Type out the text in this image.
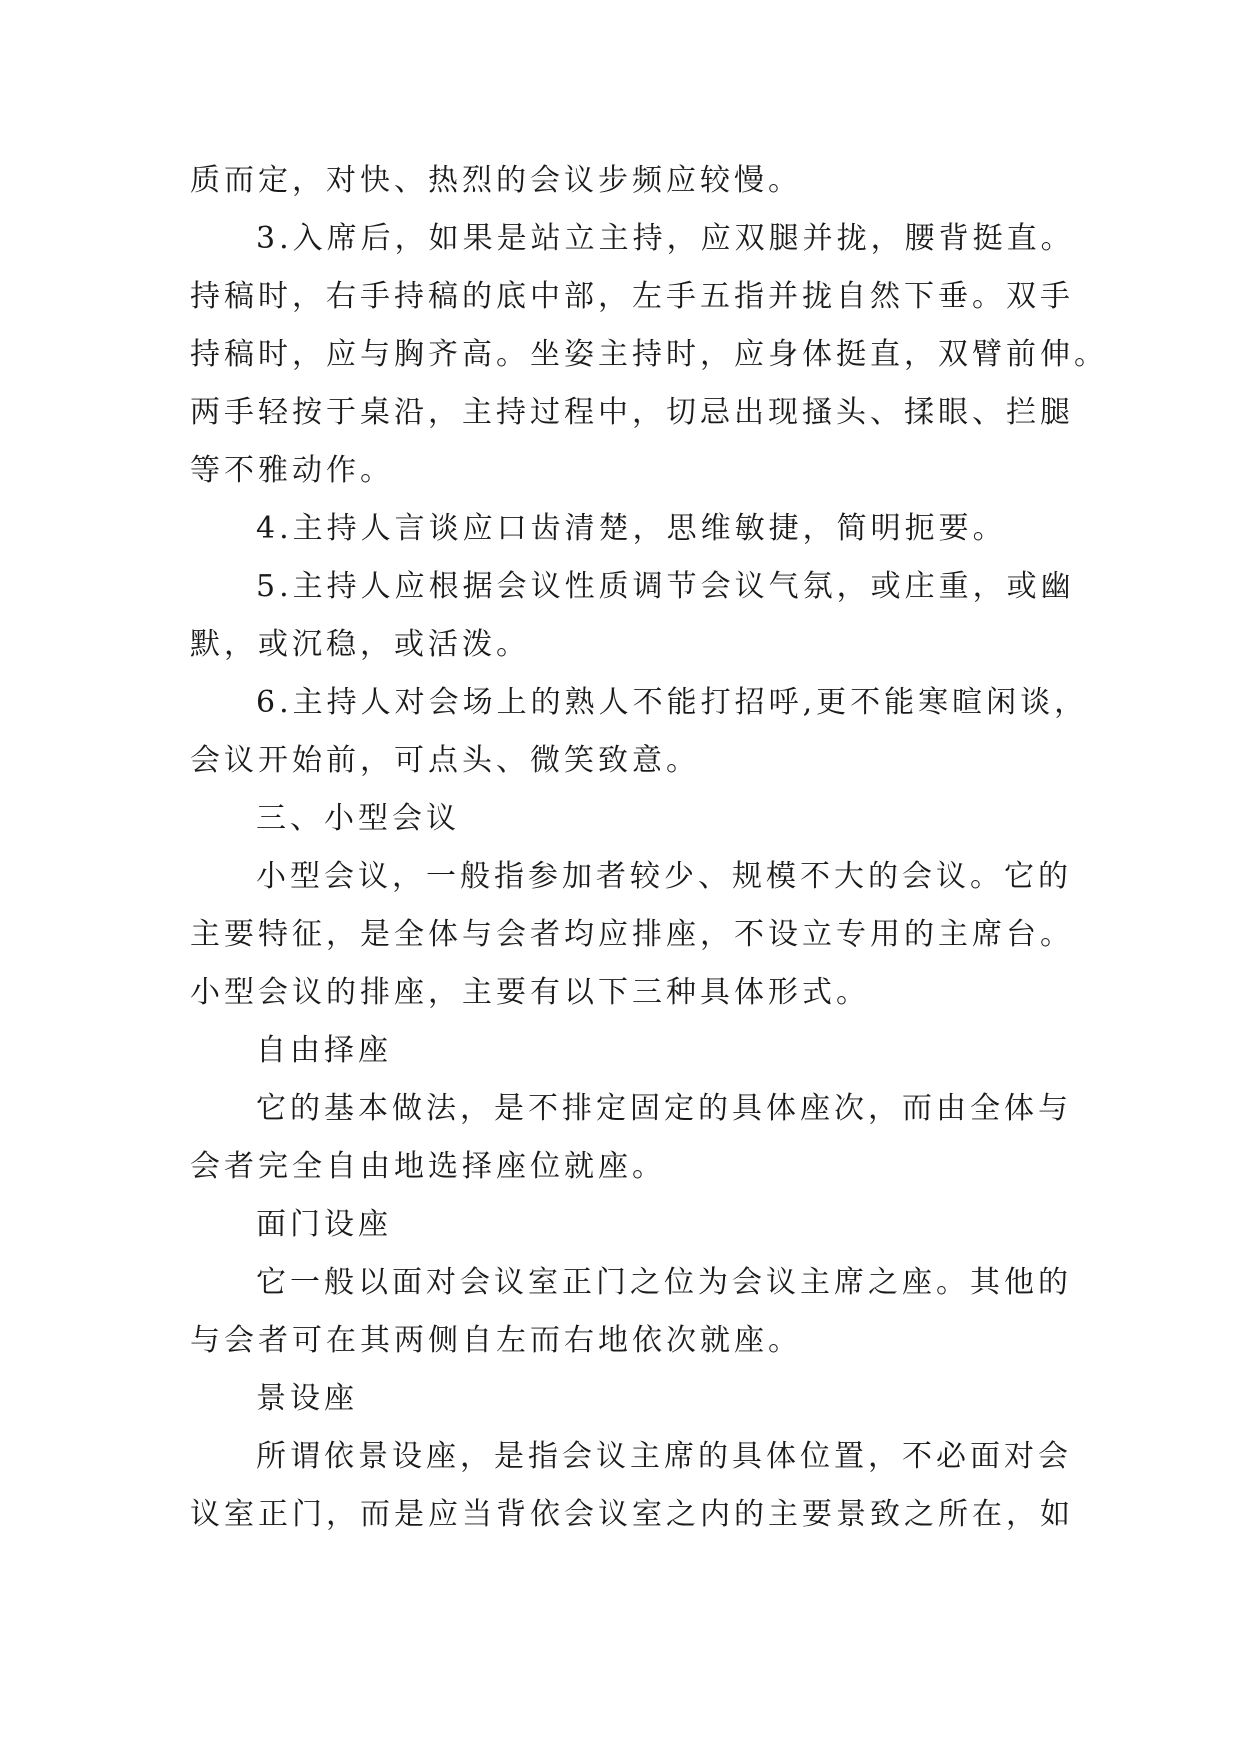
质而定，对快、热烈的会议步频应较慢。
3.入席后，如果是站立主持，应双腿并拢，腰背挺直。
持稿时，右手持稿的底中部，左手五指并拢自然下垂。双手
持稿时，应与胸齐高。坐姿主持时，应身体挺直，双臂前伸。
两手轻按于桌沿，主持过程中，切忌出现搔头、揉眼、拦腿
等不雅动作。
4.主持人言谈应口齿清楚，思维敏捷，简明扼要。
5.主持人应根据会议性质调节会议气氛，或庄重，或幽
默，或沉稳，或活泼。
6.主持人对会场上的熟人不能打招呼,更不能寒暄闲谈，
会议开始前，可点头、微笑致意。
三、小型会议
小型会议，一般指参加者较少、规模不大的会议。它的
主要特征，是全体与会者均应排座，不设立专用的主席台。
小型会议的排座，主要有以下三种具体形式。
自由择座
它的基本做法，是不排定固定的具体座次，而由全体与
会者完全自由地选择座位就座。
面门设座
它一般以面对会议室正门之位为会议主席之座。其他的
与会者可在其两侧自左而右地依次就座。
景设座
所谓依景设座，是指会议主席的具体位置，不必面对会
议室正门，而是应当背依会议室之内的主要景致之所在，如
